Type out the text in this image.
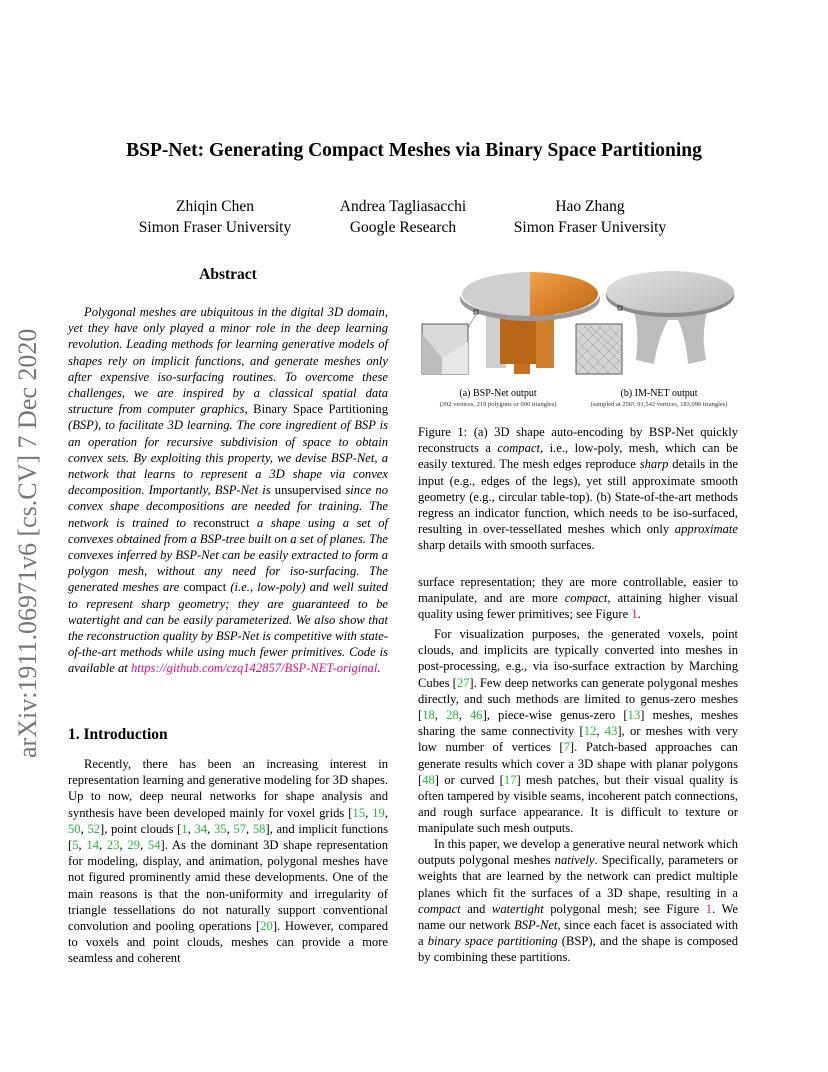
arXiv:1911.06971v6 [cs.CV] 7 Dec 2020
BSP-Net: Generating Compact Meshes via Binary Space Partitioning
Zhiqin Chen
Simon Fraser University
Andrea Tagliasacchi
Google Research
Hao Zhang
Simon Fraser University
Abstract
Polygonal meshes are ubiquitous in the digital 3D domain, yet they have only played a minor role in the deep learning revolution. Leading methods for learning generative models of shapes rely on implicit functions, and generate meshes only after expensive iso-surfacing routines. To overcome these challenges, we are inspired by a classical spatial data structure from computer graphics, Binary Space Partitioning (BSP), to facilitate 3D learning. The core ingredient of BSP is an operation for recursive subdivision of space to obtain convex sets. By exploiting this property, we devise BSP-Net, a network that learns to represent a 3D shape via convex decomposition. Importantly, BSP-Net is unsupervised since no convex shape decompositions are needed for training. The network is trained to reconstruct a shape using a set of convexes obtained from a BSP-tree built on a set of planes. The convexes inferred by BSP-Net can be easily extracted to form a polygon mesh, without any need for iso-surfacing. The generated meshes are compact (i.e., low-poly) and well suited to represent sharp geometry; they are guaranteed to be watertight and can be easily parameterized. We also show that the reconstruction quality by BSP-Net is competitive with state-of-the-art methods while using much fewer primitives. Code is available at https://github.com/czq142857/BSP-NET-original.
1. Introduction
Recently, there has been an increasing interest in representation learning and generative modeling for 3D shapes. Up to now, deep neural networks for shape analysis and synthesis have been developed mainly for voxel grids [15, 19, 50, 52], point clouds [1, 34, 35, 57, 58], and implicit functions [5, 14, 23, 29, 54]. As the dominant 3D shape representation for modeling, display, and animation, polygonal meshes have not figured prominently amid these developments. One of the main reasons is that the non-uniformity and irregularity of triangle tessellations do not naturally support conventional convolution and pooling operations [20]. However, compared to voxels and point clouds, meshes can provide a more seamless and coherent
(a) BSP-Net output
(392 vertices, 219 polygons or 600 triangles)
(b) IM-NET output
(sampled at 256³, 91,542 vertices, 183,096 triangles)
Figure 1: (a) 3D shape auto-encoding by BSP-Net quickly reconstructs a compact, i.e., low-poly, mesh, which can be easily textured. The mesh edges reproduce sharp details in the input (e.g., edges of the legs), yet still approximate smooth geometry (e.g., circular table-top). (b) State-of-the-art methods regress an indicator function, which needs to be iso-surfaced, resulting in over-tessellated meshes which only approximate sharp details with smooth surfaces.
surface representation; they are more controllable, easier to manipulate, and are more compact, attaining higher visual quality using fewer primitives; see Figure 1.
For visualization purposes, the generated voxels, point clouds, and implicits are typically converted into meshes in post-processing, e.g., via iso-surface extraction by Marching Cubes [27]. Few deep networks can generate polygonal meshes directly, and such methods are limited to genus-zero meshes [18, 28, 46], piece-wise genus-zero [13] meshes, meshes sharing the same connectivity [12, 43], or meshes with very low number of vertices [7]. Patch-based approaches can generate results which cover a 3D shape with planar polygons [48] or curved [17] mesh patches, but their visual quality is often tampered by visible seams, incoherent patch connections, and rough surface appearance. It is difficult to texture or manipulate such mesh outputs.
In this paper, we develop a generative neural network which outputs polygonal meshes natively. Specifically, parameters or weights that are learned by the network can predict multiple planes which fit the surfaces of a 3D shape, resulting in a compact and watertight polygonal mesh; see Figure 1. We name our network BSP-Net, since each facet is associated with a binary space partitioning (BSP), and the shape is composed by combining these partitions.
